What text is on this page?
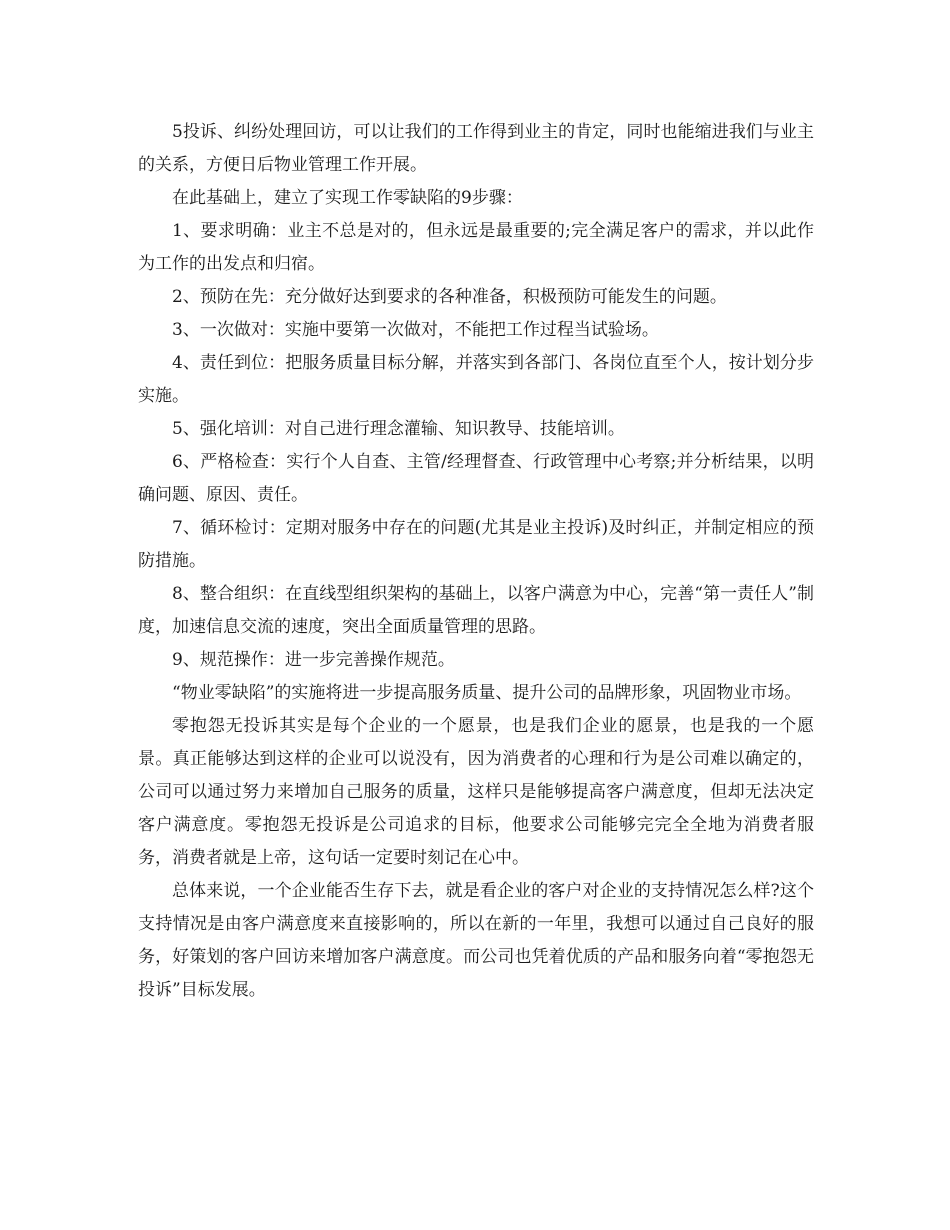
5投诉、纠纷处理回访，可以让我们的工作得到业主的肯定，同时也能缩进我们与业主的关系，方便日后物业管理工作开展。

在此基础上，建立了实现工作零缺陷的9步骤：

1、要求明确：业主不总是对的，但永远是最重要的;完全满足客户的需求，并以此作为工作的出发点和归宿。

2、预防在先：充分做好达到要求的各种准备，积极预防可能发生的问题。

3、一次做对：实施中要第一次做对，不能把工作过程当试验场。

4、责任到位：把服务质量目标分解，并落实到各部门、各岗位直至个人，按计划分步实施。

5、强化培训：对自己进行理念灌输、知识教导、技能培训。

6、严格检查：实行个人自查、主管/经理督查、行政管理中心考察;并分析结果，以明确问题、原因、责任。

7、循环检讨：定期对服务中存在的问题(尤其是业主投诉)及时纠正，并制定相应的预防措施。

8、整合组织：在直线型组织架构的基础上，以客户满意为中心，完善“第一责任人”制度，加速信息交流的速度，突出全面质量管理的思路。

9、规范操作：进一步完善操作规范。

“物业零缺陷”的实施将进一步提高服务质量、提升公司的品牌形象，巩固物业市场。

零抱怨无投诉其实是每个企业的一个愿景，也是我们企业的愿景，也是我的一个愿景。真正能够达到这样的企业可以说没有，因为消费者的心理和行为是公司难以确定的，公司可以通过努力来增加自己服务的质量，这样只是能够提高客户满意度，但却无法决定客户满意度。零抱怨无投诉是公司追求的目标，他要求公司能够完完全全地为消费者服务，消费者就是上帝，这句话一定要时刻记在心中。

总体来说，一个企业能否生存下去，就是看企业的客户对企业的支持情况怎么样?这个支持情况是由客户满意度来直接影响的，所以在新的一年里，我想可以通过自己良好的服务，好策划的客户回访来增加客户满意度。而公司也凭着优质的产品和服务向着“零抱怨无投诉”目标发展。
